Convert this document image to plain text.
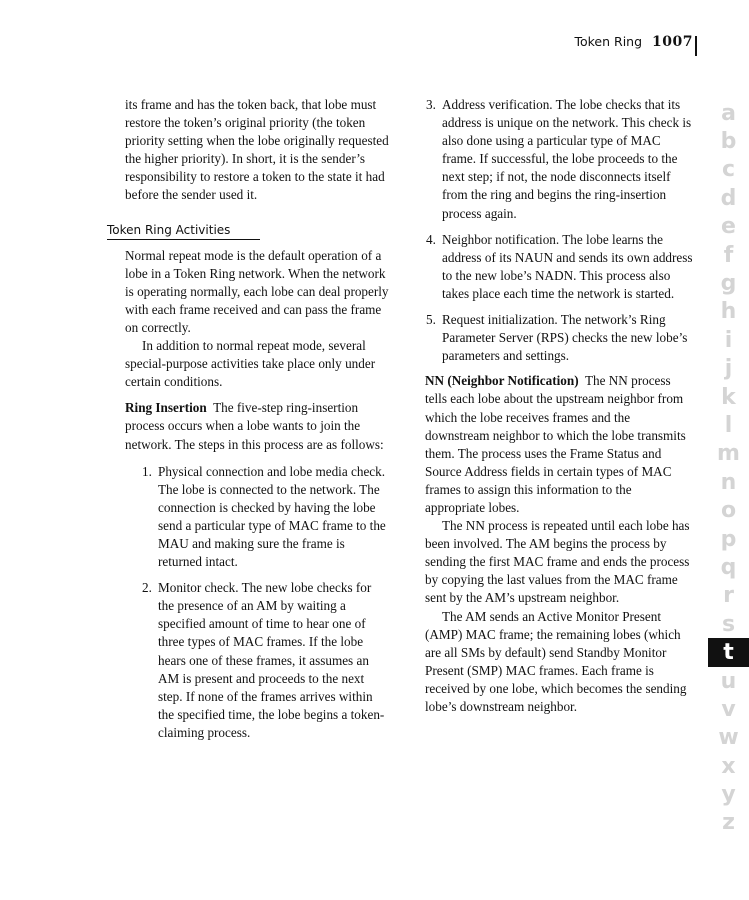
Token Ring 1007

its frame and has the token back, that lobe must restore the token’s original priority (the token priority setting when the lobe originally requested the higher priority). In short, it is the sender’s responsibility to restore a token to the state it had before the sender used it.

Token Ring Activities

Normal repeat mode is the default operation of a lobe in a Token Ring network. When the network is operating normally, each lobe can deal properly with each frame received and can pass the frame on correctly.

In addition to normal repeat mode, several special-purpose activities take place only under certain conditions.

Ring Insertion The five-step ring-insertion process occurs when a lobe wants to join the network. The steps in this process are as follows:

1. Physical connection and lobe media check. The lobe is connected to the network. The connection is checked by having the lobe send a particular type of MAC frame to the MAU and making sure the frame is returned intact.
2. Monitor check. The new lobe checks for the presence of an AM by waiting a specified amount of time to hear one of three types of MAC frames. If the lobe hears one of these frames, it assumes an AM is present and proceeds to the next step. If none of the frames arrives within the specified time, the lobe begins a token-claiming process.
3. Address verification. The lobe checks that its address is unique on the network. This check is also done using a particular type of MAC frame. If successful, the lobe proceeds to the next step; if not, the node disconnects itself from the ring and begins the ring-insertion process again.
4. Neighbor notification. The lobe learns the address of its NAUN and sends its own address to the new lobe’s NADN. This process also takes place each time the network is started.
5. Request initialization. The network’s Ring Parameter Server (RPS) checks the new lobe’s parameters and settings.

NN (Neighbor Notification) The NN process tells each lobe about the upstream neighbor from which the lobe receives frames and the downstream neighbor to which the lobe transmits them. The process uses the Frame Status and Source Address fields in certain types of MAC frames to assign this information to the appropriate lobes.

The NN process is repeated until each lobe has been involved. The AM begins the process by sending the first MAC frame and ends the process by copying the last values from the MAC frame sent by the AM’s upstream neighbor.

The AM sends an Active Monitor Present (AMP) MAC frame; the remaining lobes (which are all SMs by default) send Standby Monitor Present (SMP) MAC frames. Each frame is received by one lobe, which becomes the sending lobe’s downstream neighbor.

a
b
c
d
e
f
g
h
i
j
k
l
m
n
o
p
q
r
s
t
u
v
w
x
y
z
